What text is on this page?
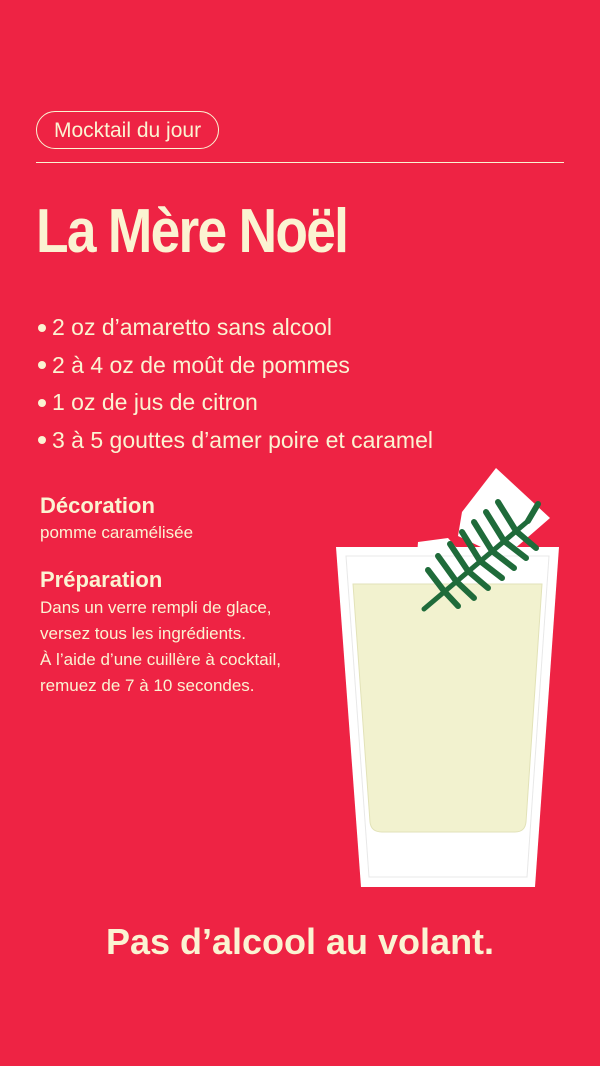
Mocktail du jour
La Mère Noël
2 oz d’amaretto sans alcool
2 à 4 oz de moût de pommes
1 oz de jus de citron
3 à 5 gouttes d’amer poire et caramel
Décoration
pomme caramélisée
Préparation
Dans un verre rempli de glace,
versez tous les ingrédients.
À l’aide d’une cuillère à cocktail,
remuez de 7 à 10 secondes.
Pas d’alcool au volant.
